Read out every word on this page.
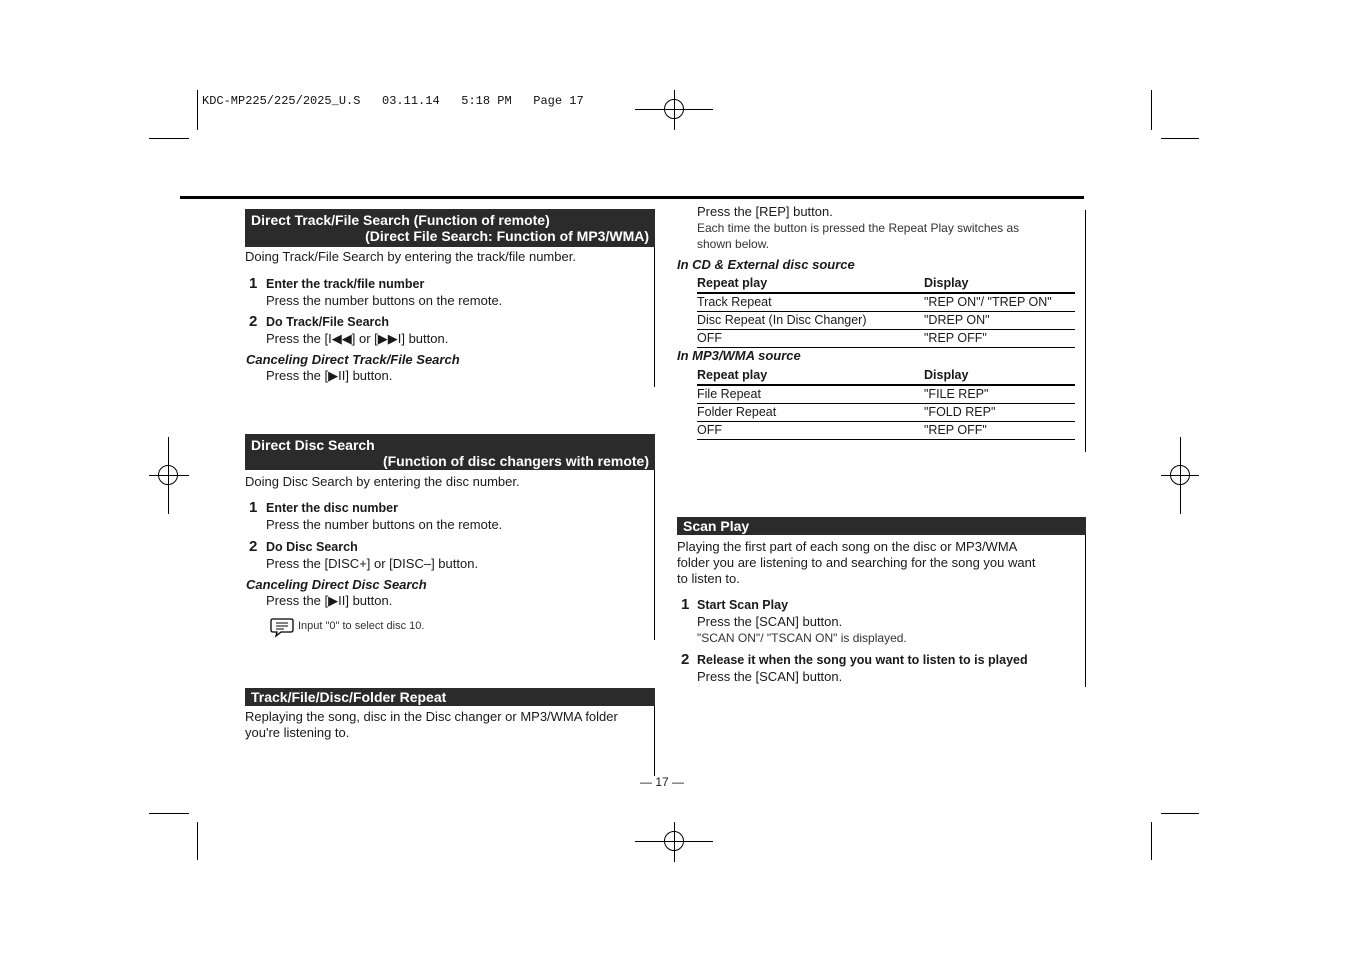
KDC-MP225/225/2025_U.S   03.11.14   5:18 PM   Page 17
Direct Track/File Search (Function of remote)
(Direct File Search: Function of MP3/WMA)
Doing Track/File Search by entering the track/file number.
1 Enter the track/file number
Press the number buttons on the remote.
2 Do Track/File Search
Press the [I◀◀] or [▶▶I] button.
Canceling Direct Track/File Search
Press the [▶II] button.
Direct Disc Search
(Function of disc changers with remote)
Doing Disc Search by entering the disc number.
1 Enter the disc number
Press the number buttons on the remote.
2 Do Disc Search
Press the [DISC+] or [DISC–] button.
Canceling Direct Disc Search
Press the [▶II] button.
Input "0" to select disc 10.
Track/File/Disc/Folder Repeat
Replaying the song, disc in the Disc changer or MP3/WMA folder
you're listening to.
Press the [REP] button.
Each time the button is pressed the Repeat Play switches as
shown below.
In CD & External disc source
Repeat play	Display
Track Repeat	"REP ON"/ "TREP ON"
Disc Repeat (In Disc Changer)	"DREP ON"
OFF	"REP OFF"
In MP3/WMA source
Repeat play	Display
File Repeat	"FILE REP"
Folder Repeat	"FOLD REP"
OFF	"REP OFF"
Scan Play
Playing the first part of each song on the disc or MP3/WMA
folder you are listening to and searching for the song you want
to listen to.
1 Start Scan Play
Press the [SCAN] button.
"SCAN ON"/ "TSCAN ON" is displayed.
2 Release it when the song you want to listen to is played
Press the [SCAN] button.
— 17 —
